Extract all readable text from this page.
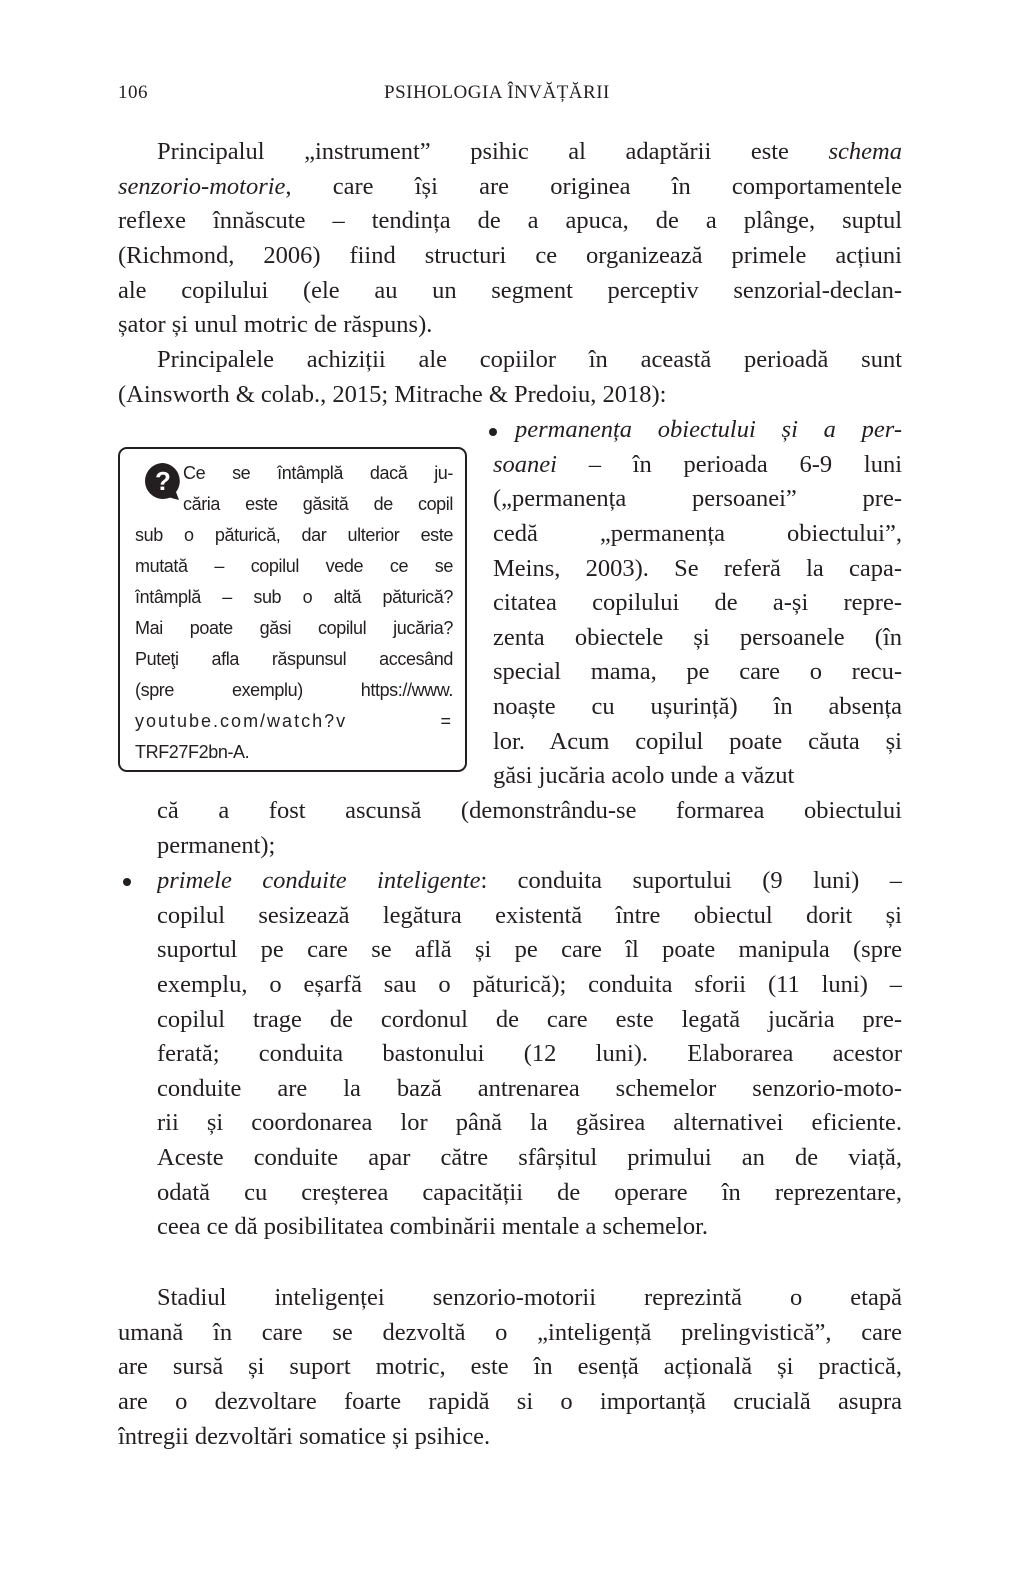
106	PSIHOLOGIA ÎNVĂȚĂRII
Principalul „instrument” psihic al adaptării este schema
senzorio-motorie, care își are originea în comportamentele
reflexe înnăscute – tendința de a apuca, de a plânge, suptul
(Richmond, 2006) fiind structuri ce organizează primele acțiuni
ale copilului (ele au un segment perceptiv senzorial-declan-
șator și unul motric de răspuns).
Principalele achiziții ale copiilor în această perioadă sunt
(Ainsworth & colab., 2015; Mitrache & Predoiu, 2018):
permanența obiectului și a per-
soanei – în perioada 6-9 luni
(„permanența persoanei” pre-
cedă „permanența obiectului”,
Meins, 2003). Se referă la capa-
citatea copilului de a-și repre-
zenta obiectele și persoanele (în
special mama, pe care o recu-
noaște cu ușurință) în absența
lor. Acum copilul poate căuta și
găsi jucăria acolo unde a văzut
că a fost ascunsă (demonstrându-se formarea obiectului
permanent);
primele conduite inteligente: conduita suportului (9 luni) –
copilul sesizează legătura existentă între obiectul dorit și
suportul pe care se află și pe care îl poate manipula (spre
exemplu, o eșarfă sau o păturică); conduita sforii (11 luni) –
copilul trage de cordonul de care este legată jucăria pre-
ferată; conduita bastonului (12 luni). Elaborarea acestor
conduite are la bază antrenarea schemelor senzorio-moto-
rii și coordonarea lor până la găsirea alternativei eficiente.
Aceste conduite apar către sfârșitul primului an de viață,
odată cu creșterea capacității de operare în reprezentare,
ceea ce dă posibilitatea combinării mentale a schemelor.
Stadiul inteligenței senzorio-motorii reprezintă o etapă
umană în care se dezvoltă o „inteligență prelingvistică”, care
are sursă și suport motric, este în esență acțională și practică,
are o dezvoltare foarte rapidă si o importanță crucială asupra
întregii dezvoltări somatice și psihice.
? Ce se întâmplă dacă ju-
căria este găsită de copil
sub o păturică, dar ulterior este
mutată – copilul vede ce se
întâmplă – sub o altă păturică?
Mai poate găsi copilul jucăria?
Puteţi afla răspunsul accesând
(spre exemplu) https://www.
youtube.com/watch?v =
TRF27F2bn-A.
